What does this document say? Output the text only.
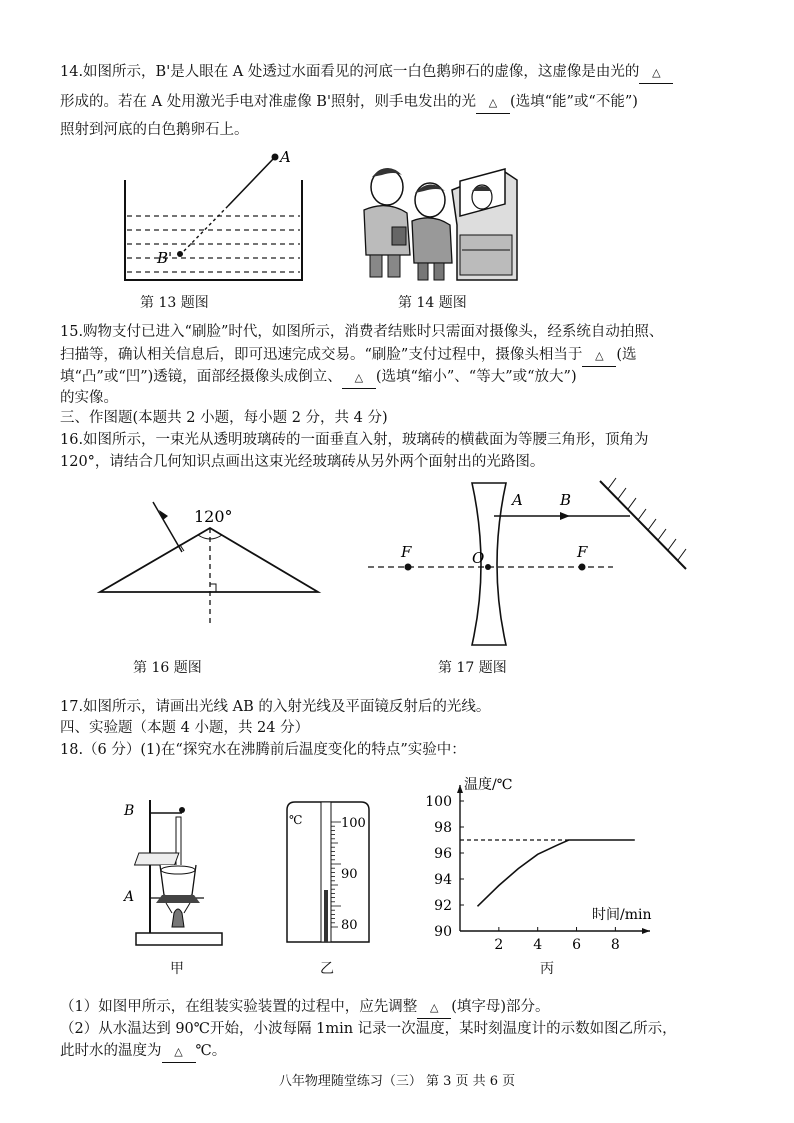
14.如图所示，B'是人眼在 A 处透过水面看见的河底一白色鹅卵石的虚像，这虚像是由光的 △
形成的。若在 A 处用激光手电对准虚像 B'照射，则手电发出的光 △ (选填“能”或“不能”)
照射到河底的白色鹅卵石上。
A
B'
第 13 题图	第 14 题图
15.购物支付已进入“刷脸”时代，如图所示，消费者结账时只需面对摄像头，经系统自动拍照、
扫描等，确认相关信息后，即可迅速完成交易。“刷脸”支付过程中，摄像头相当于 △ (选
填“凸”或“凹”)透镜，面部经摄像头成倒立、 △ (选填“缩小”、“等大”或“放大”)
的实像。
三、作图题(本题共 2 小题，每小题 2 分，共 4 分)
16.如图所示，一束光从透明玻璃砖的一面垂直入射，玻璃砖的横截面为等腰三角形，顶角为
120°，请结合几何知识点画出这束光经玻璃砖从另外两个面射出的光路图。
120°
第 16 题图
A B
F	F
O
第 17 题图
17.如图所示，请画出光线 AB 的入射光线及平面镜反射后的光线。
四、实验题（本题 4 小题，共 24 分）
18.（6 分）(1)在“探究水在沸腾前后温度变化的特点”实验中：
B
A
甲
℃	100
90
80
乙
90
92
94
96
98
100
2 4 6 8
温度/℃
时间/min
丙
（1）如图甲所示，在组装实验装置的过程中，应先调整 △ (填字母)部分。
（2）从水温达到 90℃开始，小波每隔 1min 记录一次温度，某时刻温度计的示数如图乙所示，
此时水的温度为 △ ℃。
八年物理随堂练习（三） 第 3 页 共 6 页
